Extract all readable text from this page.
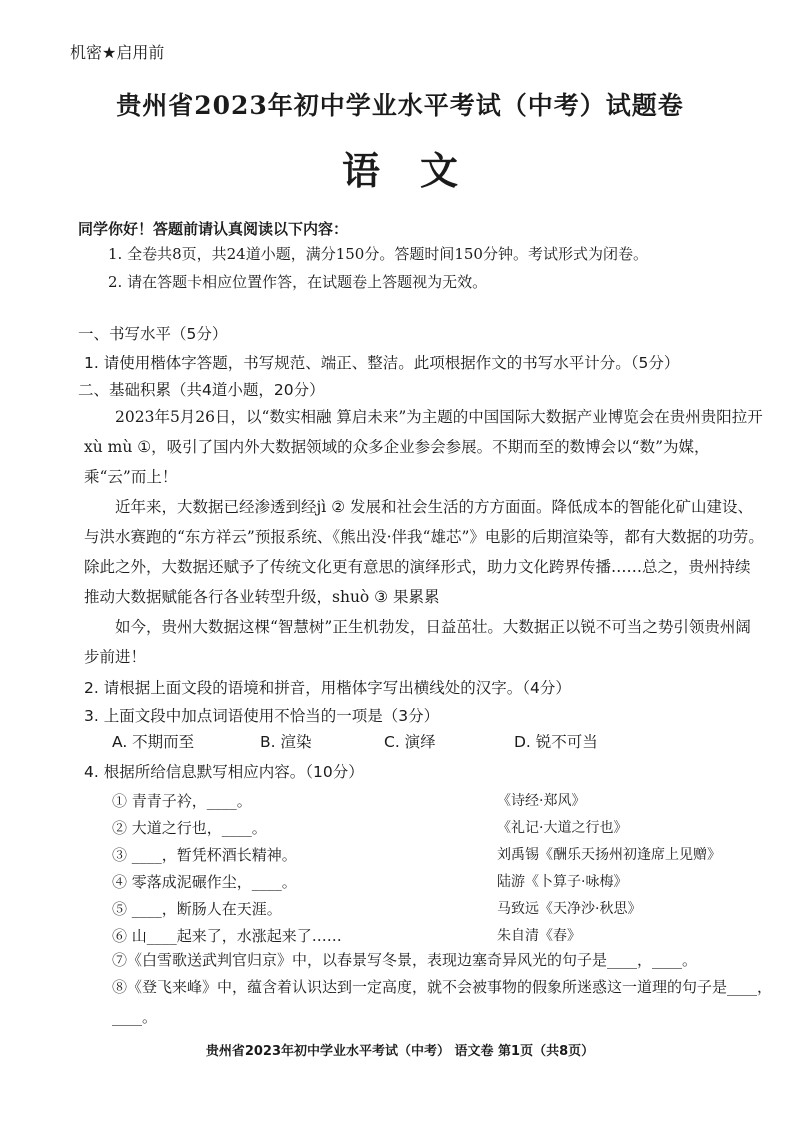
机密★启用前
贵州省2023年初中学业水平考试（中考）试题卷
语文
同学你好！答题前请认真阅读以下内容：
1. 全卷共8页，共24道小题，满分150分。答题时间150分钟。考试形式为闭卷。
2. 请在答题卡相应位置作答，在试题卷上答题视为无效。
一、书写水平（5分）
1. 请使用楷体字答题，书写规范、端正、整洁。此项根据作文的书写水平计分。（5分）
二、基础积累（共4道小题，20分）

2023年5月26日，以“数实相融 算启未来”为主题的中国国际大数据产业博览会在贵州贵阳拉开xù mù ①，吸引了国内外大数据领域的众多企业参会参展。不期而至的数博会以“数”为媒，乘“云”而上！

近年来，大数据已经渗透到经jì ② 发展和社会生活的方方面面。降低成本的智能化矿山建设、与洪水赛跑的“东方祥云”预报系统、《熊出没·伴我“雄芯”》电影的后期渲染等，都有大数据的功劳。除此之外，大数据还赋予了传统文化更有意思的演绎形式，助力文化跨界传播……总之，贵州持续推动大数据赋能各行各业转型升级，shuò ③ 果累累

如今，贵州大数据这棵“智慧树”正生机勃发，日益茁壮。大数据正以锐不可当之势引领贵州阔步前进！

2. 请根据上面文段的语境和拼音，用楷体字写出横线处的汉字。（4分）
3. 上面文段中加点词语使用不恰当的一项是（3分）
A. 不期而至	B. 渲染	C. 演绎	D. 锐不可当
4. 根据所给信息默写相应内容。（10分）
① 青青子衿，____。	《诗经·郑风》
② 大道之行也，____。	《礼记·大道之行也》
③ ____，暂凭杯酒长精神。	刘禹锡《酬乐天扬州初逢席上见赠》
④ 零落成泥碾作尘，____。	陆游《卜算子·咏梅》
⑤ ____，断肠人在天涯。	马致远《天净沙·秋思》
⑥ 山____起来了，水涨起来了……	朱自清《春》
⑦《白雪歌送武判官归京》中，以春景写冬景，表现边塞奇异风光的句子是____，____。
⑧《登飞来峰》中，蕴含着认识达到一定高度，就不会被事物的假象所迷惑这一道理的句子是____，____。
贵州省2023年初中学业水平考试（中考） 语文卷 第1页（共8页）
